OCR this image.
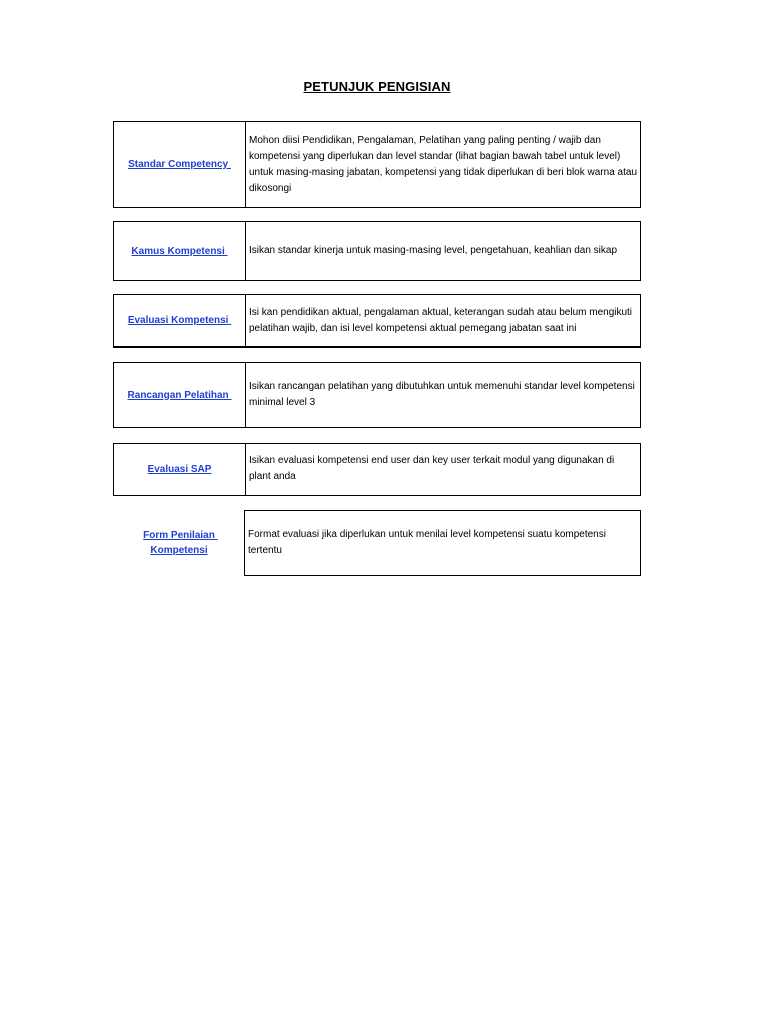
PETUNJUK PENGISIAN
Standar Competency
Mohon diisi Pendidikan, Pengalaman, Pelatihan yang paling penting / wajib dan kompetensi yang diperlukan dan level standar (lihat bagian bawah tabel untuk level) untuk masing-masing jabatan, kompetensi yang tidak diperlukan di beri blok warna atau dikosongi
Kamus Kompetensi	Isikan standar kinerja untuk masing-masing level, pengetahuan, keahlian dan sikap
Evaluasi Kompetensi
Isi kan pendidikan aktual, pengalaman aktual, keterangan sudah atau belum mengikuti pelatihan wajib, dan isi level kompetensi aktual pemegang jabatan saat ini
Rancangan Pelatihan
Isikan rancangan pelatihan yang dibutuhkan untuk memenuhi standar level kompetensi minimal level 3
Evaluasi SAP
Isikan evaluasi kompetensi end user dan key user terkait modul yang digunakan di plant anda
Form Penilaian Kompetensi
Format evaluasi jika diperlukan untuk menilai level kompetensi suatu kompetensi tertentu
